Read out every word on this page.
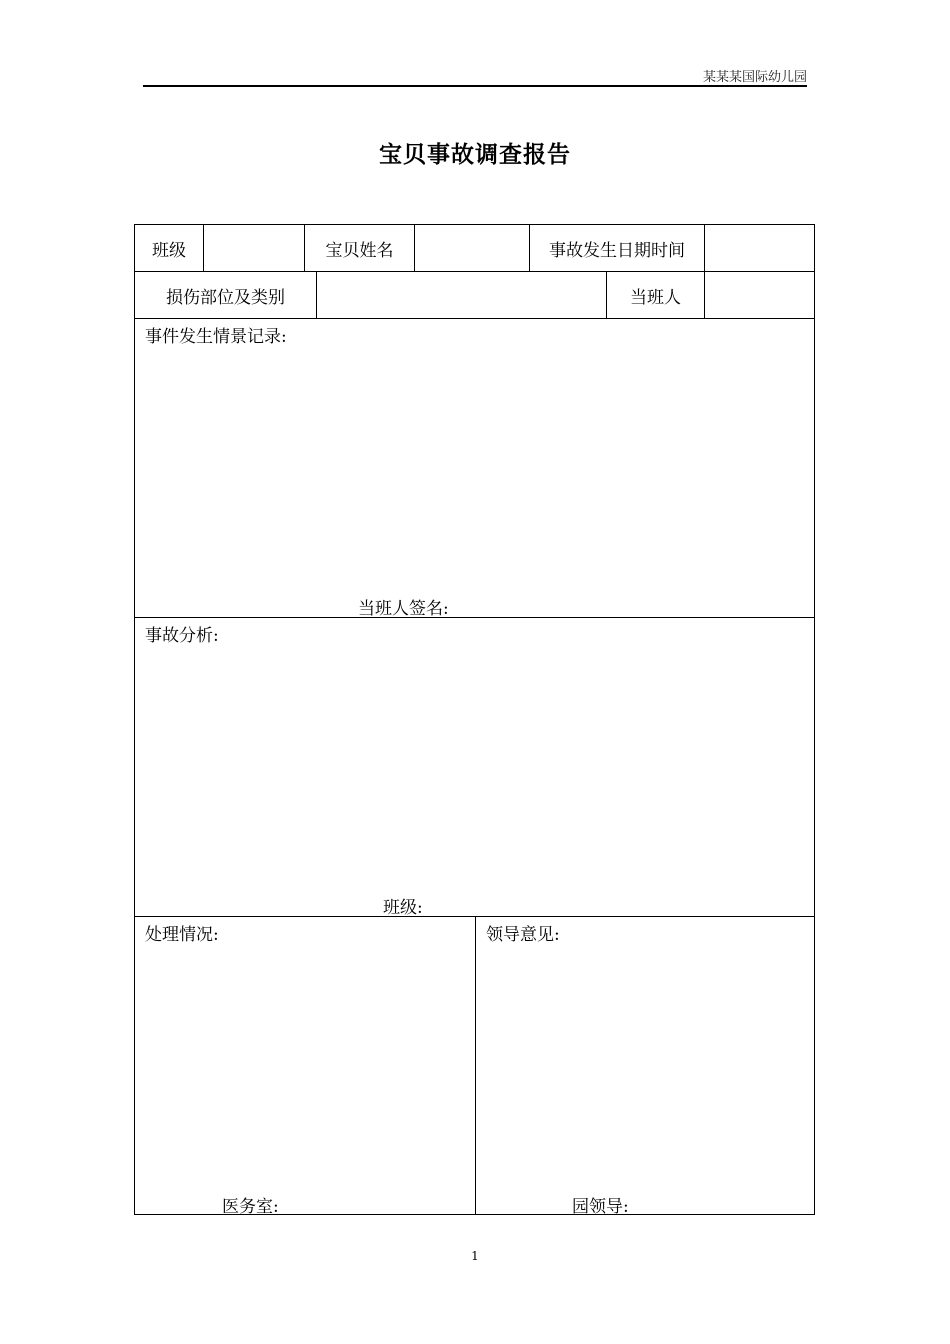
某某某国际幼儿园
宝贝事故调查报告
班级	宝贝姓名	事故发生日期时间
损伤部位及类别	当班人
事件发生情景记录:
当班人签名:
事故分析:
班级:
处理情况:
医务室:
领导意见:
园领导:
1
